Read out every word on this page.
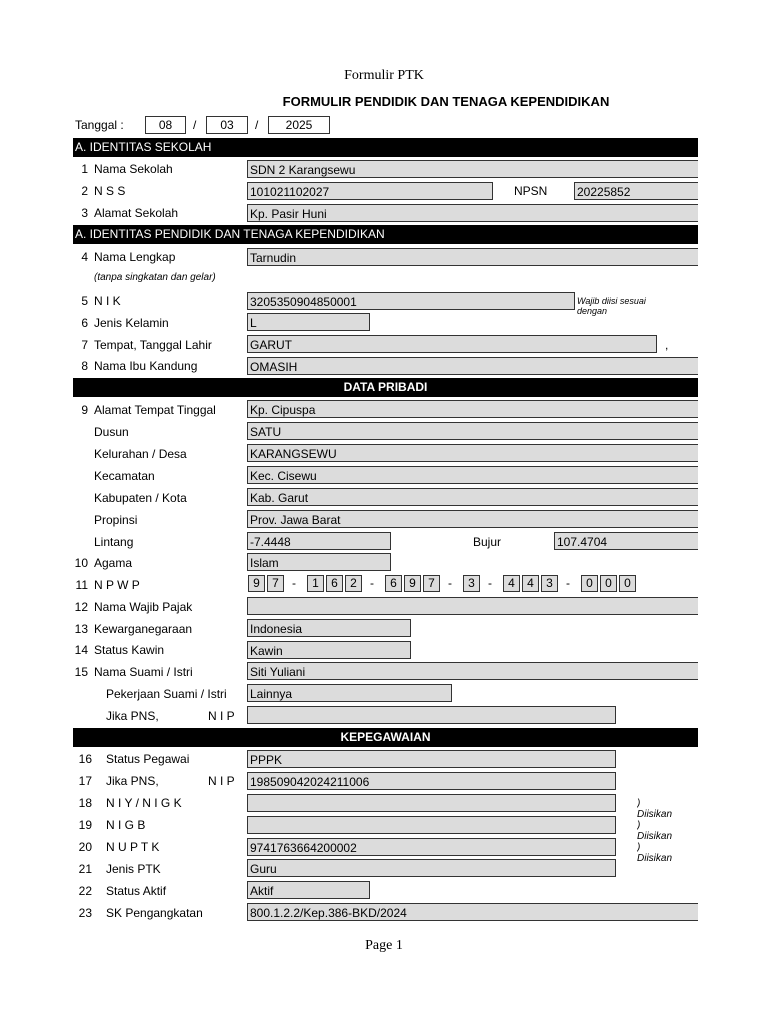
Formulir PTK
FORMULIR PENDIDIK DAN TENAGA KEPENDIDIKAN
Tanggal :	08	/	03	/	2025
A. IDENTITAS SEKOLAH
1 Nama Sekolah	SDN 2 Karangsewu
2 N S S	101021102027	NPSN 20225852
3 Alamat Sekolah	Kp. Pasir Huni
A. IDENTITAS PENDIDIK DAN TENAGA KEPENDIDIKAN
4 Nama Lengkap	Tarnudin
(tanpa singkatan dan gelar)
5 N I K	3205350904850001	Wajib diisi sesuai dengan
6 Jenis Kelamin	L
7 Tempat, Tanggal Lahir	GARUT	,
8 Nama Ibu Kandung	OMASIH
DATA PRIBADI
9 Alamat Tempat Tinggal	Kp. Cipuspa
Dusun	SATU
Kelurahan / Desa	KARANGSEWU
Kecamatan	Kec. Cisewu
Kabupaten / Kota	Kab. Garut
Propinsi	Prov. Jawa Barat
Lintang	-7.4448	Bujur	107.4704
10 Agama	Islam
11 N P W P	9	7	-	1	6	2	-	6	9	7	-	3	-	4	4	3	-	0	0	0
12 Nama Wajib Pajak
13 Kewarganegaraan	Indonesia
14 Status Kawin	Kawin
15 Nama Suami / Istri	Siti Yuliani
Pekerjaan Suami / Istri Lainnya
Jika PNS,	N I P
KEPEGAWAIAN
16 Status Pegawai	PPPK
17 Jika PNS,	N I P 198509042024211006
18 N I Y / N I G K	) Diisikan
19 N I G B	) Diisikan
20 N U P T K	9741763664200002	) Diisikan
21 Jenis PTK	Guru
22 Status Aktif	Aktif
23 SK Pengangkatan	800.1.2.2/Kep.386-BKD/2024
Page 1
